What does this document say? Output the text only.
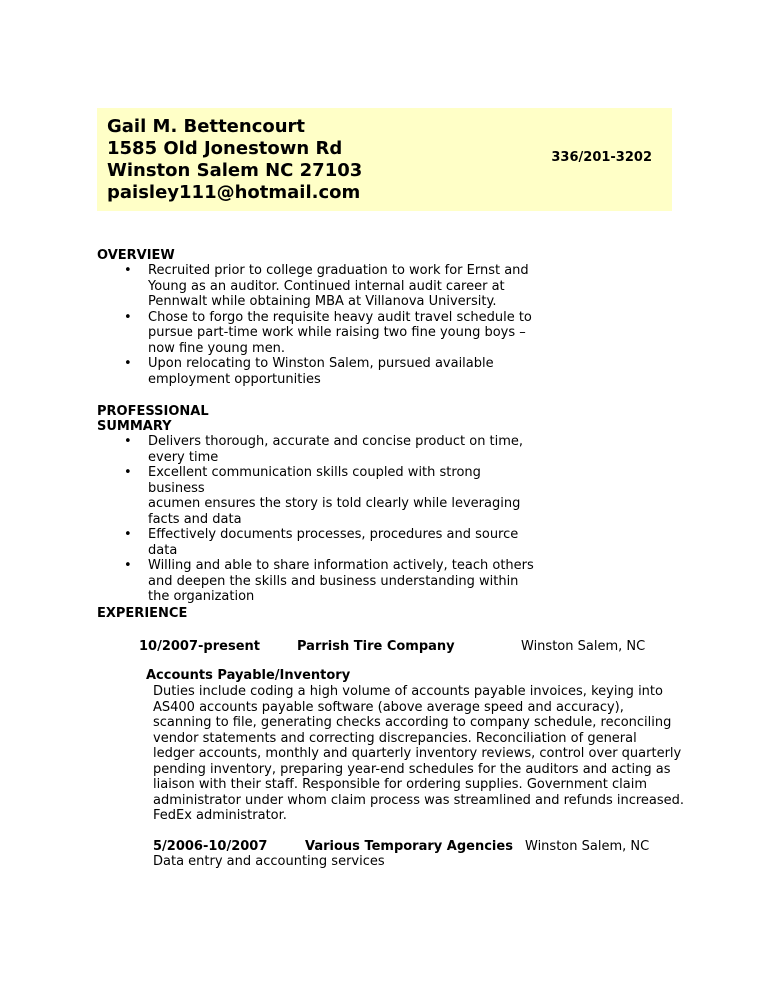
Gail M. Bettencourt
1585 Old Jonestown Rd
Winston Salem NC 27103
paisley111@hotmail.com
336/201-3202
OVERVIEW
• Recruited prior to college graduation to work for Ernst and
Young as an auditor. Continued internal audit career at
Pennwalt while obtaining MBA at Villanova University.
• Chose to forgo the requisite heavy audit travel schedule to
pursue part-time work while raising two fine young boys –
now fine young men.
• Upon relocating to Winston Salem, pursued available
employment opportunities
PROFESSIONAL
SUMMARY
• Delivers thorough, accurate and concise product on time,
every time
• Excellent communication skills coupled with strong business
acumen ensures the story is told clearly while leveraging
facts and data
• Effectively documents processes, procedures and source
data
• Willing and able to share information actively, teach others
and deepen the skills and business understanding within
the organization
EXPERIENCE
10/2007-present	Parrish Tire Company	Winston Salem, NC
Accounts Payable/Inventory
Duties include coding a high volume of accounts payable invoices, keying into
AS400 accounts payable software (above average speed and accuracy),
scanning to file, generating checks according to company schedule, reconciling
vendor statements and correcting discrepancies. Reconciliation of general
ledger accounts, monthly and quarterly inventory reviews, control over quarterly
pending inventory, preparing year-end schedules for the auditors and acting as
liaison with their staff. Responsible for ordering supplies. Government claim
administrator under whom claim process was streamlined and refunds increased.
FedEx administrator.
5/2006-10/2007	Various Temporary Agencies Winston Salem, NC
Data entry and accounting services
